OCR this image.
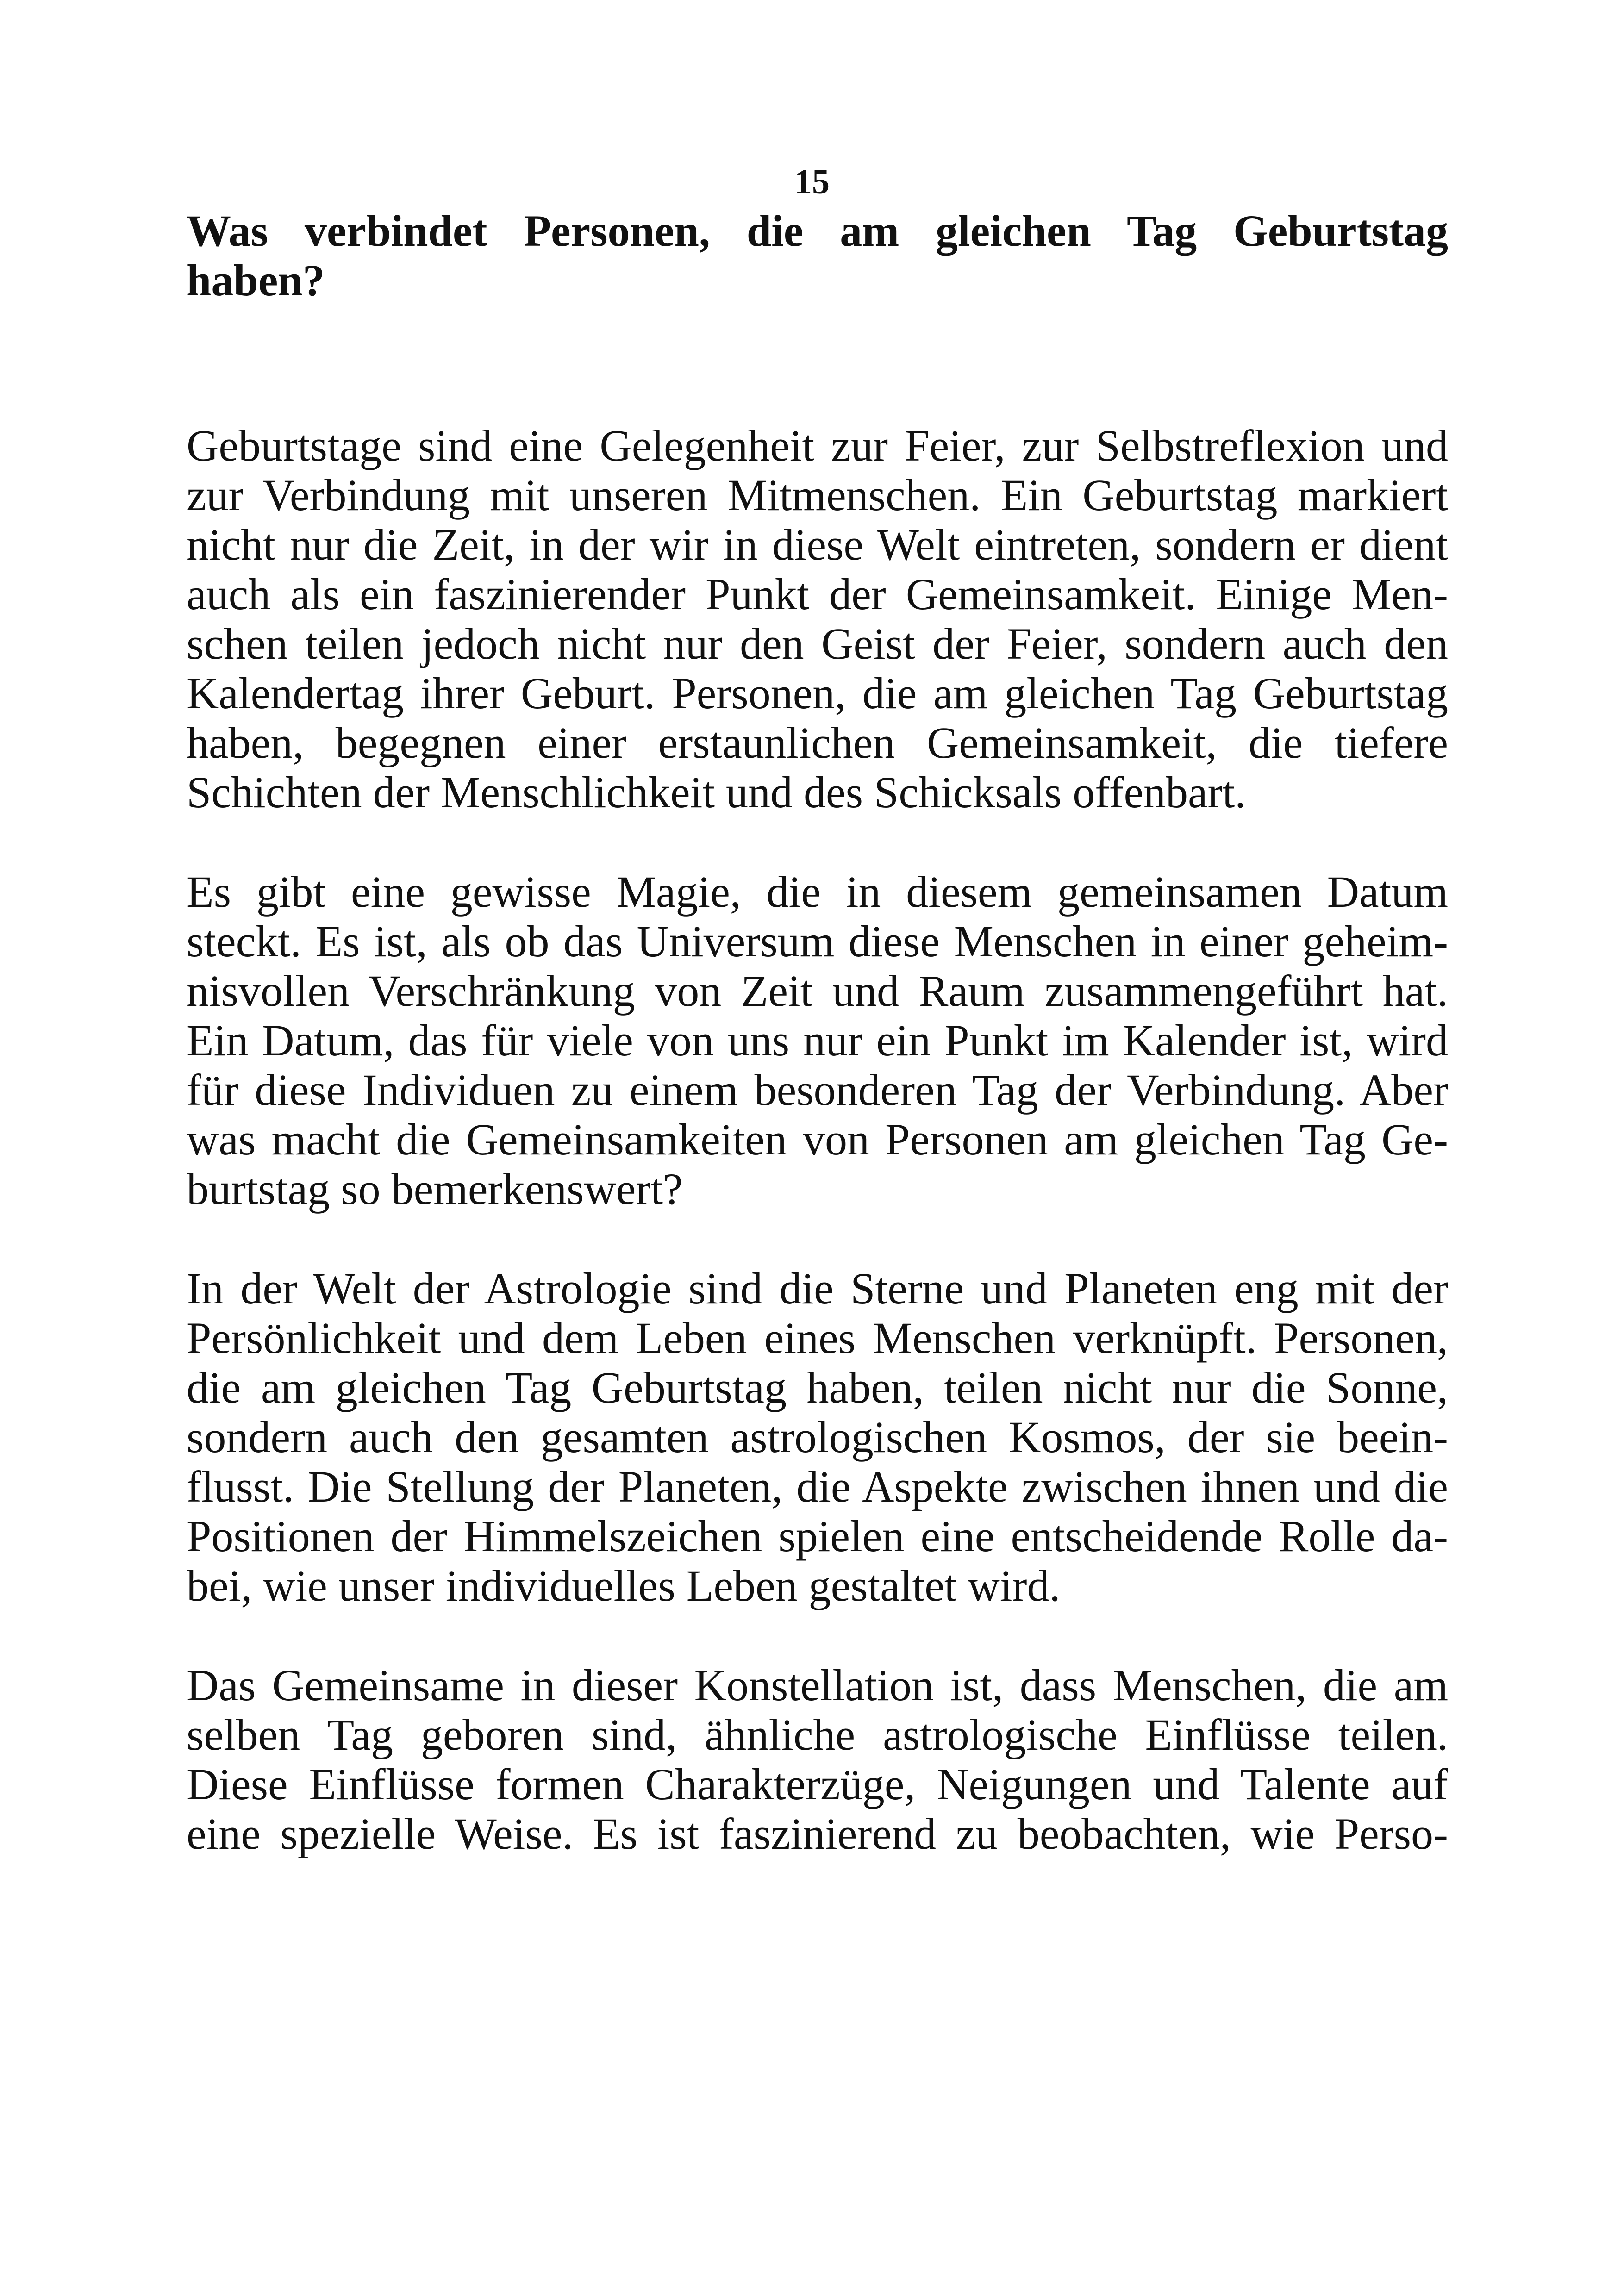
15
Was verbindet Personen, die am gleichen Tag Geburtstag
haben?

Geburtstage sind eine Gelegenheit zur Feier, zur Selbstreflexion und
zur Verbindung mit unseren Mitmenschen. Ein Geburtstag markiert
nicht nur die Zeit, in der wir in diese Welt eintreten, sondern er dient
auch als ein faszinierender Punkt der Gemeinsamkeit. Einige Men-
schen teilen jedoch nicht nur den Geist der Feier, sondern auch den
Kalendertag ihrer Geburt. Personen, die am gleichen Tag Geburtstag
haben, begegnen einer erstaunlichen Gemeinsamkeit, die tiefere
Schichten der Menschlichkeit und des Schicksals offenbart.

Es gibt eine gewisse Magie, die in diesem gemeinsamen Datum
steckt. Es ist, als ob das Universum diese Menschen in einer geheim-
nisvollen Verschränkung von Zeit und Raum zusammengeführt hat.
Ein Datum, das für viele von uns nur ein Punkt im Kalender ist, wird
für diese Individuen zu einem besonderen Tag der Verbindung. Aber
was macht die Gemeinsamkeiten von Personen am gleichen Tag Ge-
burtstag so bemerkenswert?

In der Welt der Astrologie sind die Sterne und Planeten eng mit der
Persönlichkeit und dem Leben eines Menschen verknüpft. Personen,
die am gleichen Tag Geburtstag haben, teilen nicht nur die Sonne,
sondern auch den gesamten astrologischen Kosmos, der sie beein-
flusst. Die Stellung der Planeten, die Aspekte zwischen ihnen und die
Positionen der Himmelszeichen spielen eine entscheidende Rolle da-
bei, wie unser individuelles Leben gestaltet wird.

Das Gemeinsame in dieser Konstellation ist, dass Menschen, die am
selben Tag geboren sind, ähnliche astrologische Einflüsse teilen.
Diese Einflüsse formen Charakterzüge, Neigungen und Talente auf
eine spezielle Weise. Es ist faszinierend zu beobachten, wie Perso-
